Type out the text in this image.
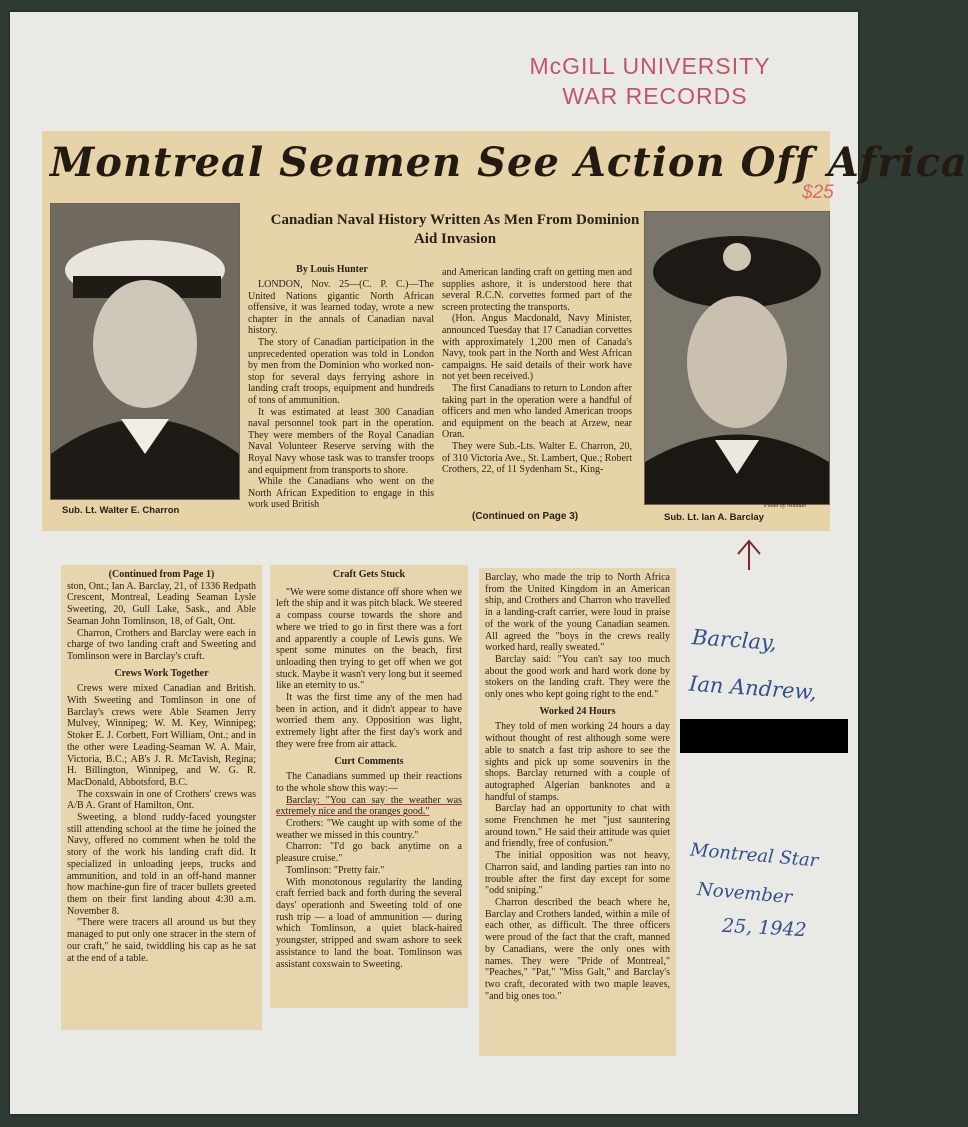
McGILL UNIVERSITY
WAR RECORDS
Montreal Seamen See Action Off Africa
$25
Canadian Naval History Written As Men From Dominion Aid Invasion
By Louis Hunter

LONDON, Nov. 25—(C. P. C.)—The United Nations gigantic North African offensive, it was learned today, wrote a new chapter in the annals of Canadian naval history.

The story of Canadian participation in the unprecedented operation was told in London by men from the Dominion who worked non-stop for several days ferrying ashore in landing craft troops, equipment and hundreds of tons of ammunition.

It was estimated at least 300 Canadian naval personnel took part in the operation. They were members of the Royal Canadian Naval Volunteer Reserve serving with the Royal Navy whose task was to transfer troops and equipment from transports to shore.

While the Canadians who went on the North African Expedition to engage in this work used British

and American landing craft on getting men and supplies ashore, it is understood here that several R.C.N. corvettes formed part of the screen protecting the transports.

(Hon. Angus Macdonald, Navy Minister, announced Tuesday that 17 Canadian corvettes with approximately 1,200 men of Canada's Navy, took part in the North and West African campaigns. He said details of their work have not yet been received.)

The first Canadians to return to London after taking part in the operation were a handful of officers and men who landed American troops and equipment on the beach at Arzew, near Oran.

They were Sub.-Lts. Walter E. Charron, 20, of 310 Victoria Ave., St. Lambert, Que.; Robert Crothers, 22, of 11 Sydenham St., King-

Sub. Lt. Walter E. Charron
Sub. Lt. Ian A. Barclay
Photo by Notman
(Continued on Page 3)

(Continued from Page 1)

ston, Ont.; Ian A. Barclay, 21, of 1336 Redpath Crescent, Montreal, Leading Seaman Lysle Sweeting, 20, Gull Lake, Sask., and Able Seaman John Tomlinson, 18, of Galt, Ont.

Charron, Crothers and Barclay were each in charge of two landing craft and Sweeting and Tomlinson were in Barclay's craft.

Crews Work Together

Crews were mixed Canadian and British. With Sweeting and Tomlinson in one of Barclay's crews were Able Seamen Jerry Mulvey, Winnipeg; W. M. Key, Winnipeg; Stoker E. J. Corbett, Fort William, Ont.; and in the other were Leading-Seaman W. A. Mair, Victoria, B.C.; AB's J. R. McTavish, Regina; H. Billington, Winnipeg, and W. G. R. MacDonald, Abbotsford, B.C.

The coxswain in one of Crothers' crews was A/B A. Grant of Hamilton, Ont.

Sweeting, a blond ruddy-faced youngster still attending school at the time he joined the Navy, offered no comment when he told the story of the work his landing craft did. It specialized in unloading jeeps, trucks and ammunition, and told in an off-hand manner how machine-gun fire of tracer bullets greeted them on their first landing about 4:30 a.m. November 8.

"There were tracers all around us but they managed to put only one stracer in the stern of our craft," he said, twiddling his cap as he sat at the end of a table.

Craft Gets Stuck

"We were some distance off shore when we left the ship and it was pitch black. We steered a compass course towards the shore and where we tried to go in first there was a fort and apparently a couple of Lewis guns. We spent some minutes on the beach, first unloading then trying to get off when we got stuck. Maybe it wasn't very long but it seemed like an eternity to us."

It was the first time any of the men had been in action, and it didn't appear to have worried them any. Opposition was light, extremely light after the first day's work and they were free from air attack.

Curt Comments

The Canadians summed up their reactions to the whole show this way:—

Barclay: "You can say the weather was extremely nice and the oranges good."

Crothers: "We caught up with some of the weather we missed in this country."

Charron: "I'd go back anytime on a pleasure cruise."

Tomlinson: "Pretty fair."

With monotonous regularity the landing craft ferried back and forth during the several days' operationh and Sweeting told of one rush trip — a load of ammunition — during which Tomlinson, a quiet black-haired youngster, stripped and swam ashore to seek assistance to land the boat. Tomlinson was assistant coxswain to Sweeting.

Barclay, who made the trip to North Africa from the United Kingdom in an American ship, and Crothers and Charron who travelled in a landing-craft carrier, were loud in praise of the work of the young Canadian seamen. All agreed the "boys in the crews really worked hard, really sweated."

Barclay said: "You can't say too much about the good work and hard work done by stokers on the landing craft. They were the only ones who kept going right to the end."

Worked 24 Hours

They told of men working 24 hours a day without thought of rest although some were able to snatch a fast trip ashore to see the sights and pick up some souvenirs in the shops. Barclay returned with a couple of autographed Algerian banknotes and a handful of stamps.

Barclay had an opportunity to chat with some Frenchmen he met "just sauntering around town." He said their attitude was quiet and friendly, free of confusion."

The initial opposition was not heavy, Charron said, and landing parties ran into no trouble after the first day except for some "odd sniping."

Charron described the beach where he, Barclay and Crothers landed, within a mile of each other, as difficult. The three officers were proud of the fact that the craft, manned by Canadians, were the only ones with names. They were "Pride of Montreal," "Peaches," "Pat," "Miss Galt," and Barclay's two craft, decorated with two maple leaves, "and big ones too."

Barclay,
Ian Andrew,
Montreal Star
November
25, 1942
